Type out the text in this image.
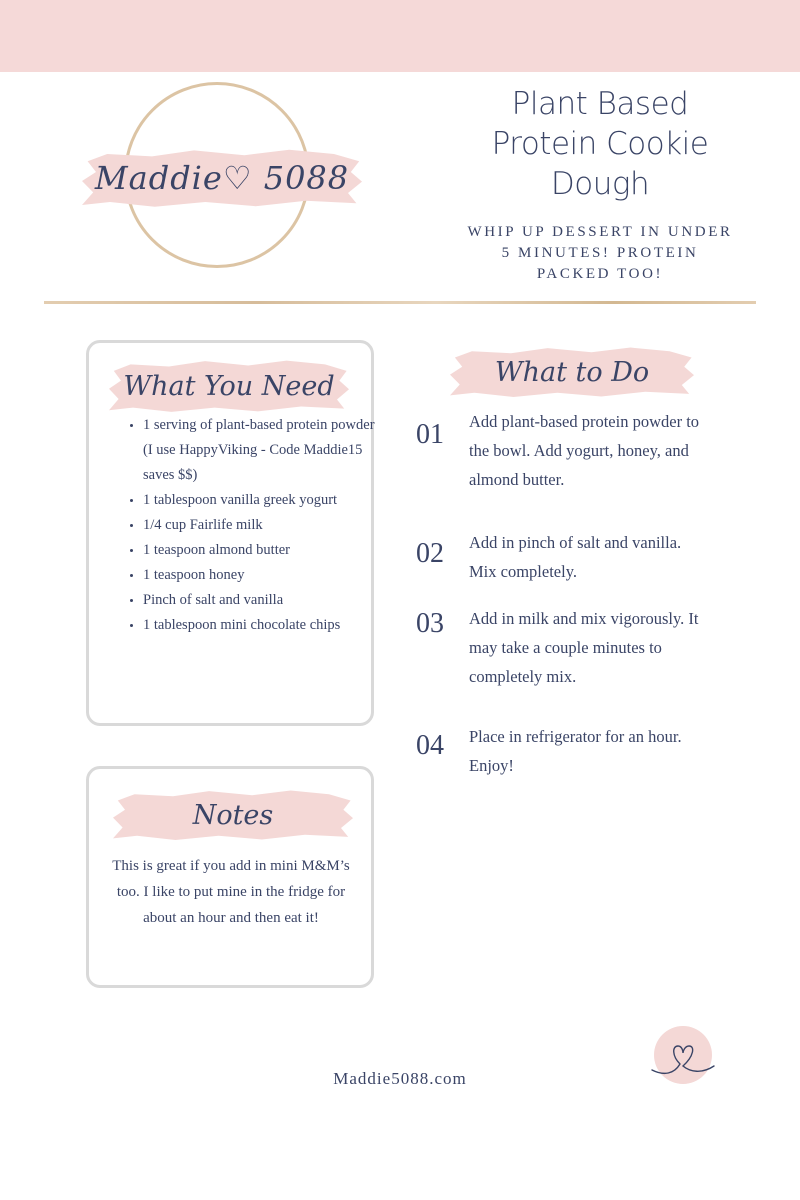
Maddie♡ 5088
Plant Based
Protein Cookie
Dough
WHIP UP DESSERT IN UNDER
5 MINUTES! PROTEIN
PACKED TOO!
What You Need
• 1 serving of plant-based protein powder (I use HappyViking - Code Maddie15 saves $$)
• 1 tablespoon vanilla greek yogurt
• 1/4 cup Fairlife milk
• 1 teaspoon almond butter
• 1 teaspoon honey
• Pinch of salt and vanilla
• 1 tablespoon mini chocolate chips
Notes
This is great if you add in mini M&M’s too. I like to put mine in the fridge for about an hour and then eat it!
What to Do
01	Add plant-based protein powder to the bowl. Add yogurt, honey, and almond butter.
02	Add in pinch of salt and vanilla. Mix completely.
03	Add in milk and mix vigorously. It may take a couple minutes to completely mix.
04	Place in refrigerator for an hour. Enjoy!
Maddie5088.com
